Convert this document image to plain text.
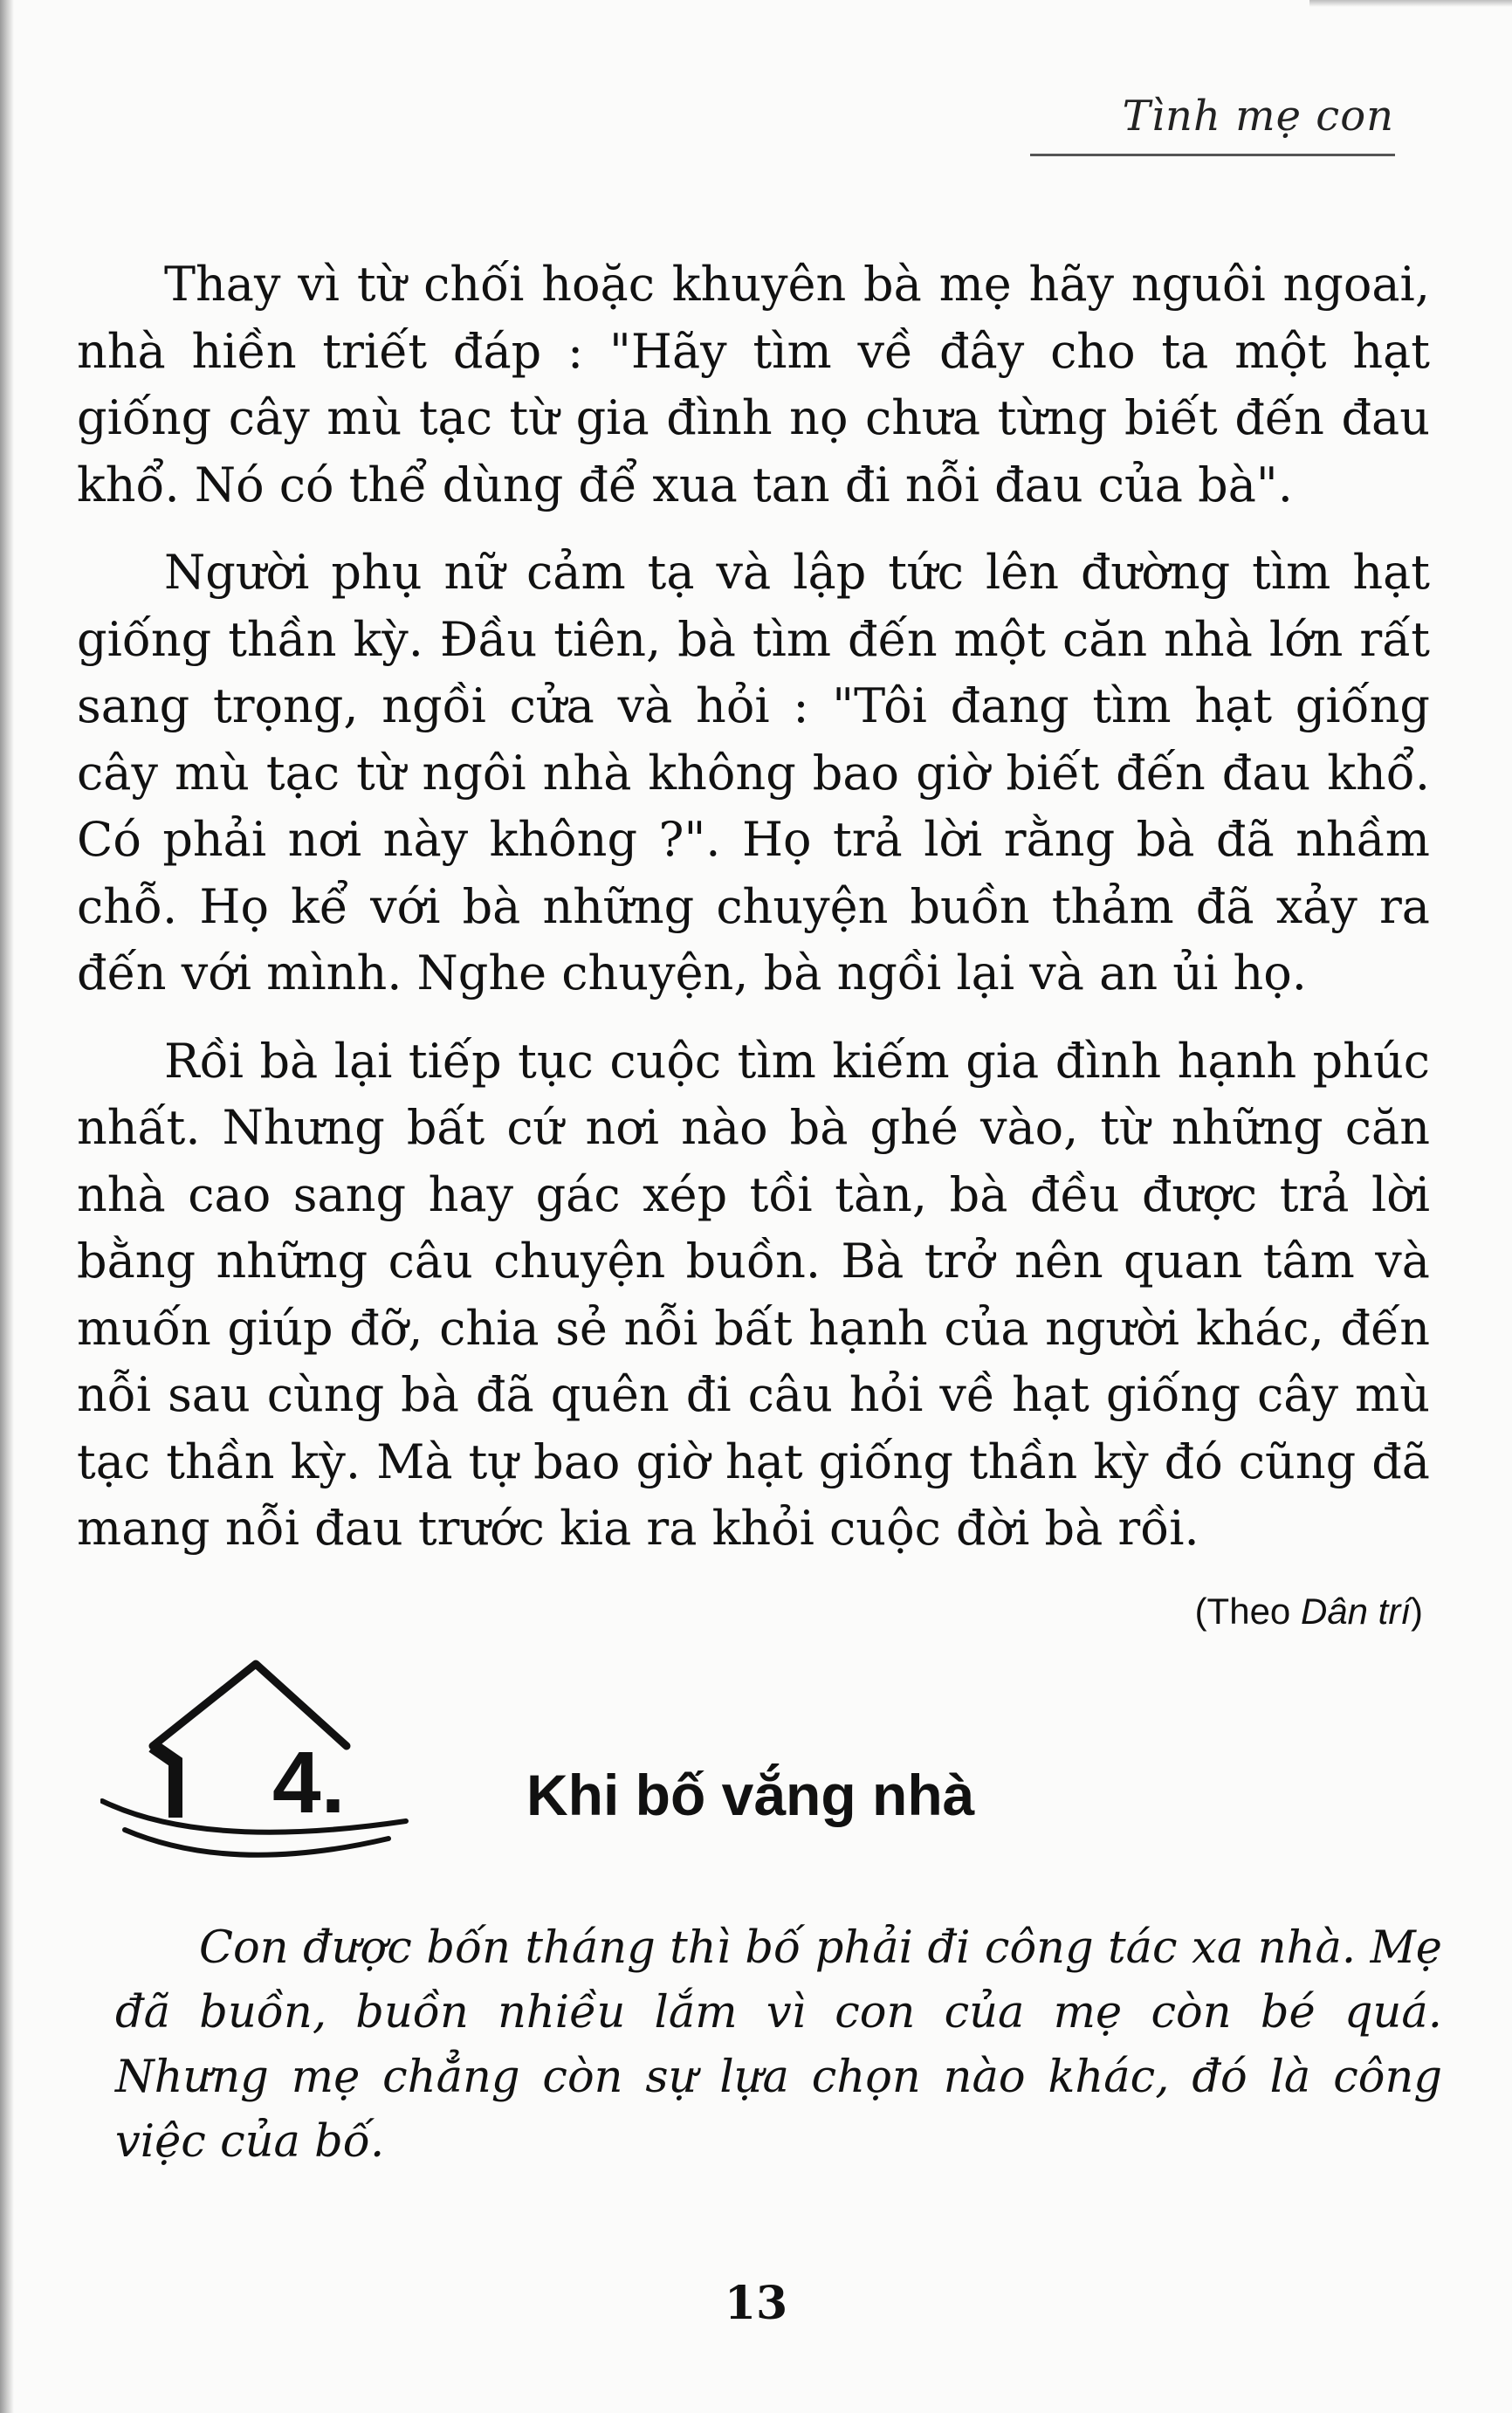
Tình mẹ con

Thay vì từ chối hoặc khuyên bà mẹ hãy nguôi ngoai, nhà hiền triết đáp : "Hãy tìm về đây cho ta một hạt giống cây mù tạc từ gia đình nọ chưa từng biết đến đau khổ. Nó có thể dùng để xua tan đi nỗi đau của bà".

Người phụ nữ cảm tạ và lập tức lên đường tìm hạt giống thần kỳ. Đầu tiên, bà tìm đến một căn nhà lớn rất sang trọng, ngồi cửa và hỏi : "Tôi đang tìm hạt giống cây mù tạc từ ngôi nhà không bao giờ biết đến đau khổ. Có phải nơi này không ?". Họ trả lời rằng bà đã nhầm chỗ. Họ kể với bà những chuyện buồn thảm đã xảy ra đến với mình. Nghe chuyện, bà ngồi lại và an ủi họ.

Rồi bà lại tiếp tục cuộc tìm kiếm gia đình hạnh phúc nhất. Nhưng bất cứ nơi nào bà ghé vào, từ những căn nhà cao sang hay gác xép tồi tàn, bà đều được trả lời bằng những câu chuyện buồn. Bà trở nên quan tâm và muốn giúp đỡ, chia sẻ nỗi bất hạnh của người khác, đến nỗi sau cùng bà đã quên đi câu hỏi về hạt giống cây mù tạc thần kỳ. Mà tự bao giờ hạt giống thần kỳ đó cũng đã mang nỗi đau trước kia ra khỏi cuộc đời bà rồi.

(Theo Dân trí)
4.	Khi bố vắng nhà

Con được bốn tháng thì bố phải đi công tác xa nhà. Mẹ đã buồn, buồn nhiều lắm vì con của mẹ còn bé quá. Nhưng mẹ chẳng còn sự lựa chọn nào khác, đó là công việc của bố.

13
